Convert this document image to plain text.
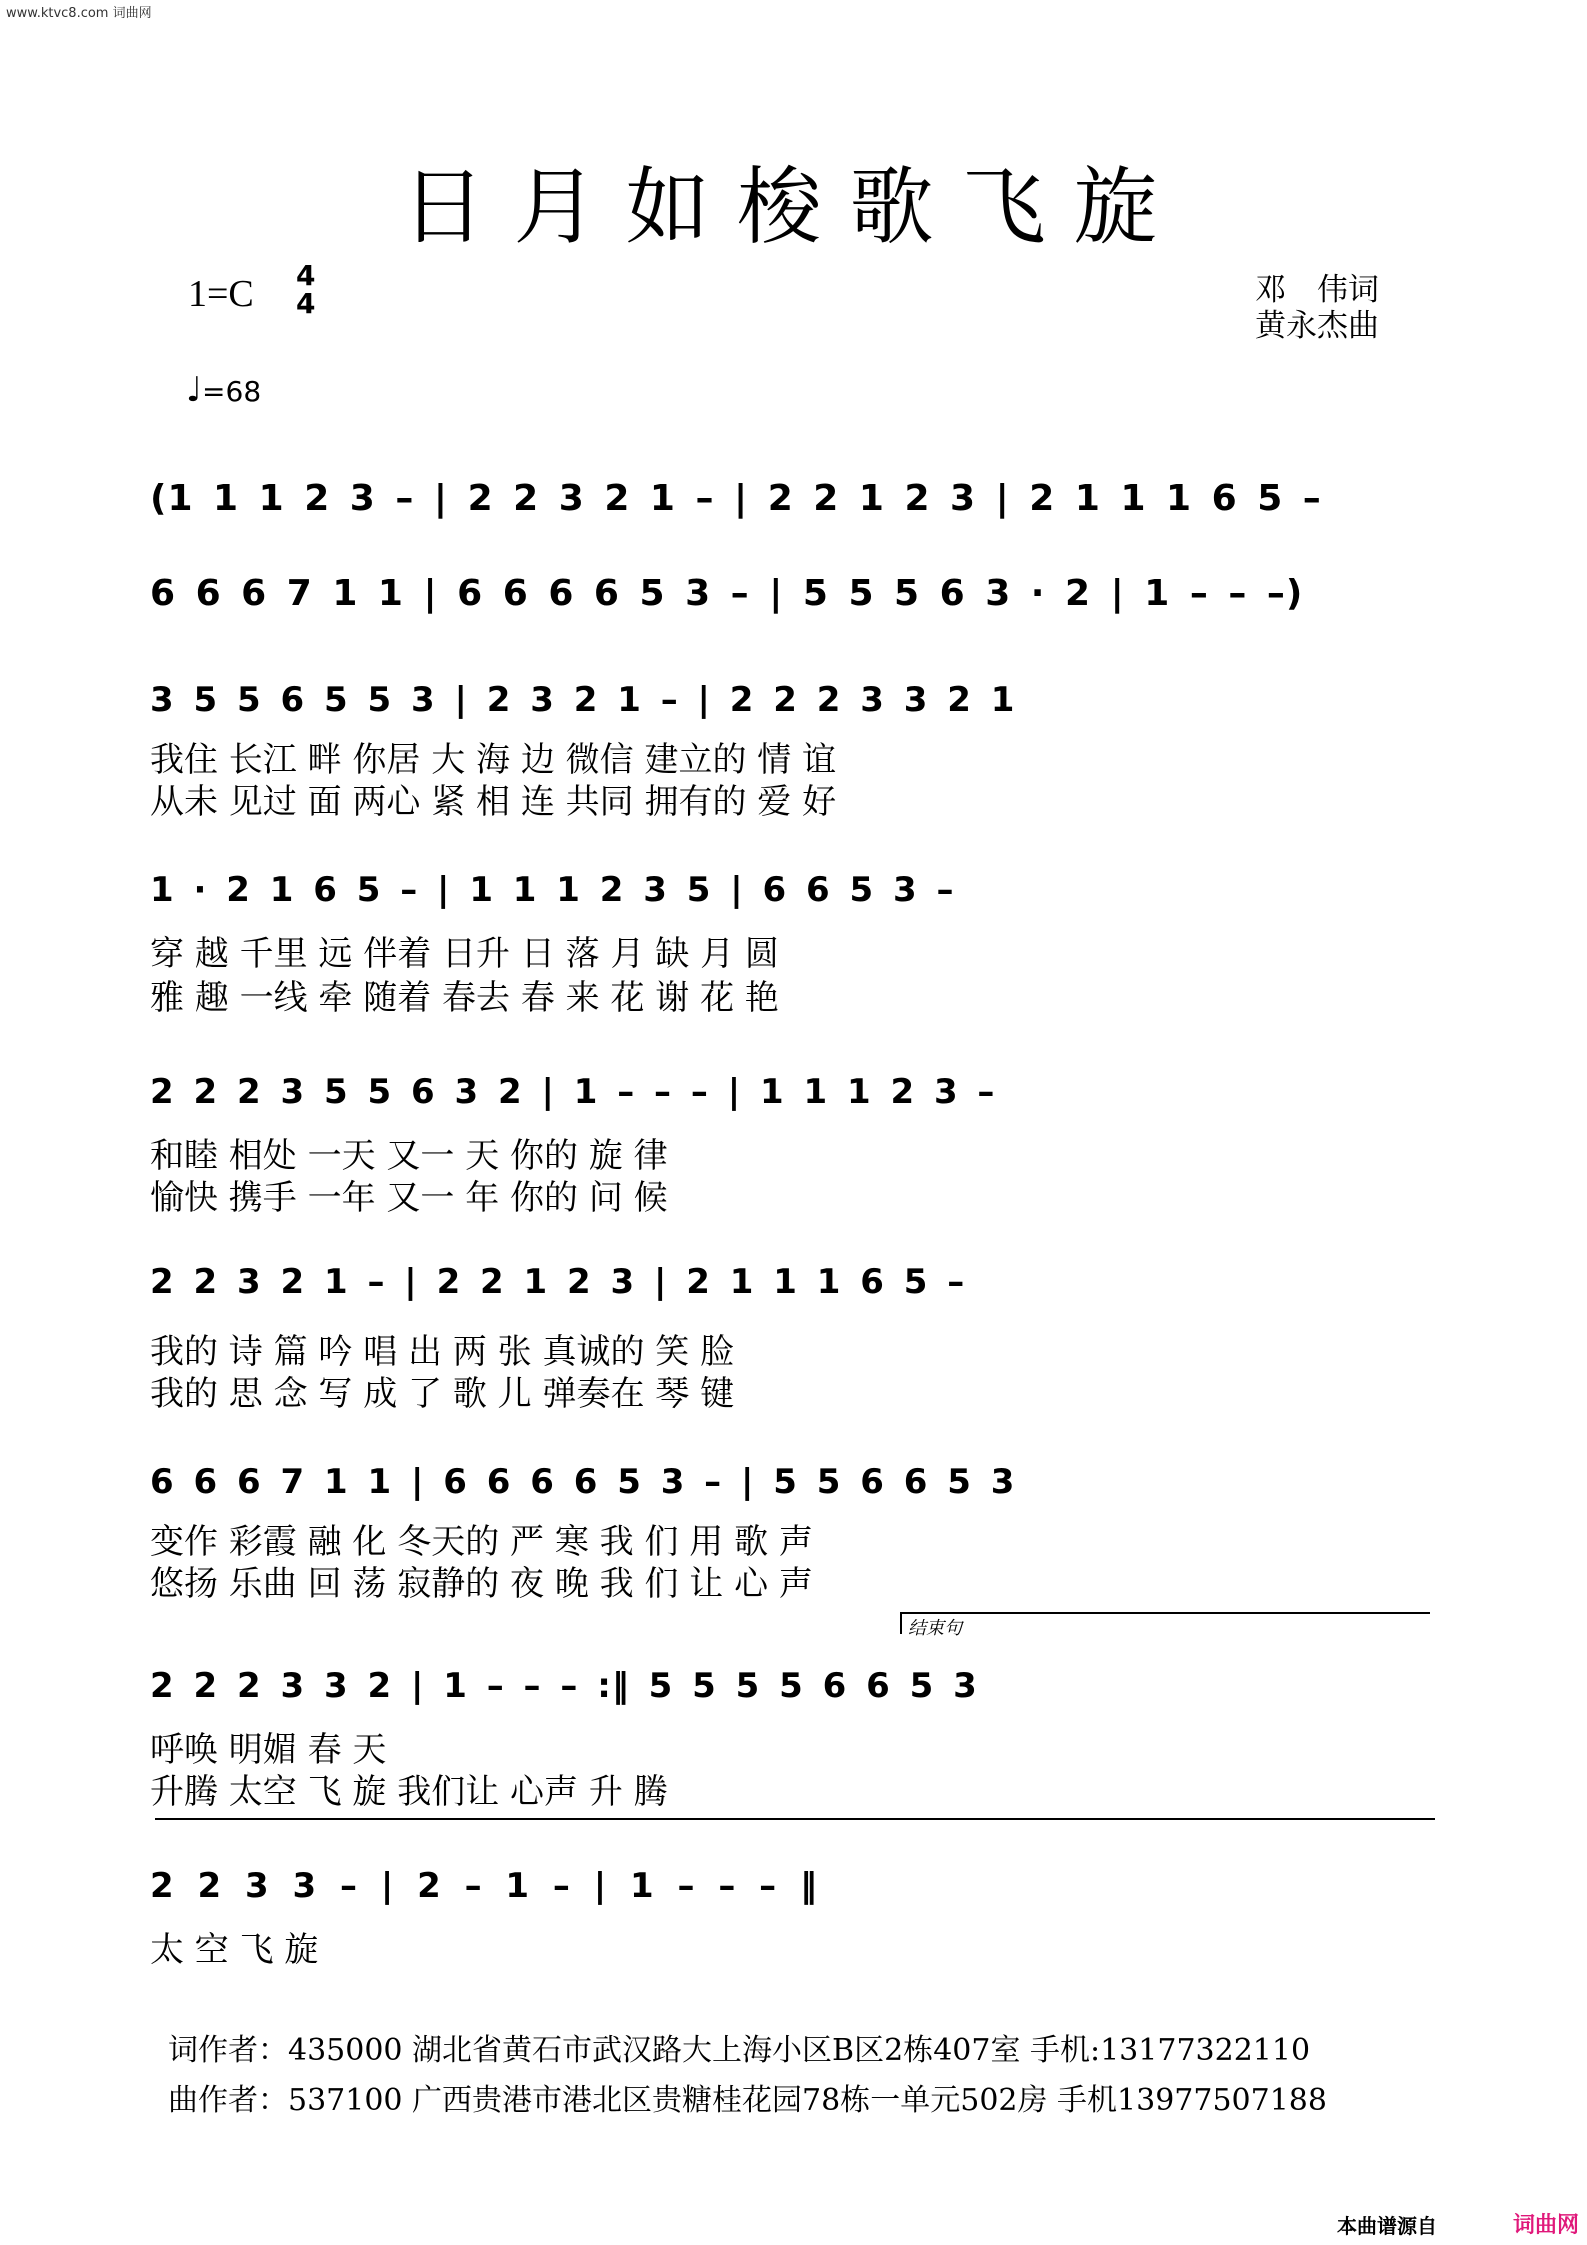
www.ktvc8.com 词曲网
日月如梭歌飞旋
1=C 4
4	邓　伟词
黄永杰曲
♩=68
(1 1 1 2 3 – | 2 2 3 2 1 – | 2 2 1 2 3 | 2 1 1 1 6 5 –
6 6 6 7 1 1 | 6 6 6 6 5 3 – | 5 5 5 6 3 · 2 | 1 – – –)
3 5 5 6 5 5 3 | 2 3 2 1 – | 2 2 2 3 3 2 1
我住 长江 畔 你居 大 海 边 微信 建立的 情 谊
从未 见过 面 两心 紧 相 连 共同 拥有的 爱 好
1 · 2 1 6 5 – | 1 1 1 2 3 5 | 6 6 5 3 –
穿 越 千里 远 伴着 日升 日 落 月 缺 月 圆
雅 趣 一线 牵 随着 春去 春 来 花 谢 花 艳
2 2 2 3 5 5 6 3 2 | 1 – – – | 1 1 1 2 3 –
和睦 相处 一天 又一 天 你的 旋 律
愉快 携手 一年 又一 年 你的 问 候
2 2 3 2 1 – | 2 2 1 2 3 | 2 1 1 1 6 5 –
我的 诗 篇 吟 唱 出 两 张 真诚的 笑 脸
我的 思 念 写 成 了 歌 儿 弹奏在 琴 键
6 6 6 7 1 1 | 6 6 6 6 5 3 – | 5 5 6 6 5 3
变作 彩霞 融 化 冬天的 严 寒 我 们 用 歌 声
悠扬 乐曲 回 荡 寂静的 夜 晚 我 们 让 心 声
结束句
2 2 2 3 3 2 | 1 – – – :‖ 5 5 5 5 6 6 5 3
呼唤 明媚 春 天
升腾 太空 飞 旋 我们让 心声 升 腾
2 2 3 3 – | 2 – 1 – | 1 – – – ‖
太 空 飞 旋
词作者：435000 湖北省黄石市武汉路大上海小区B区2栋407室 手机:13177322110
曲作者：537100 广西贵港市港北区贵糖桂花园78栋一单元502房 手机13977507188
本曲谱源自	词曲网
